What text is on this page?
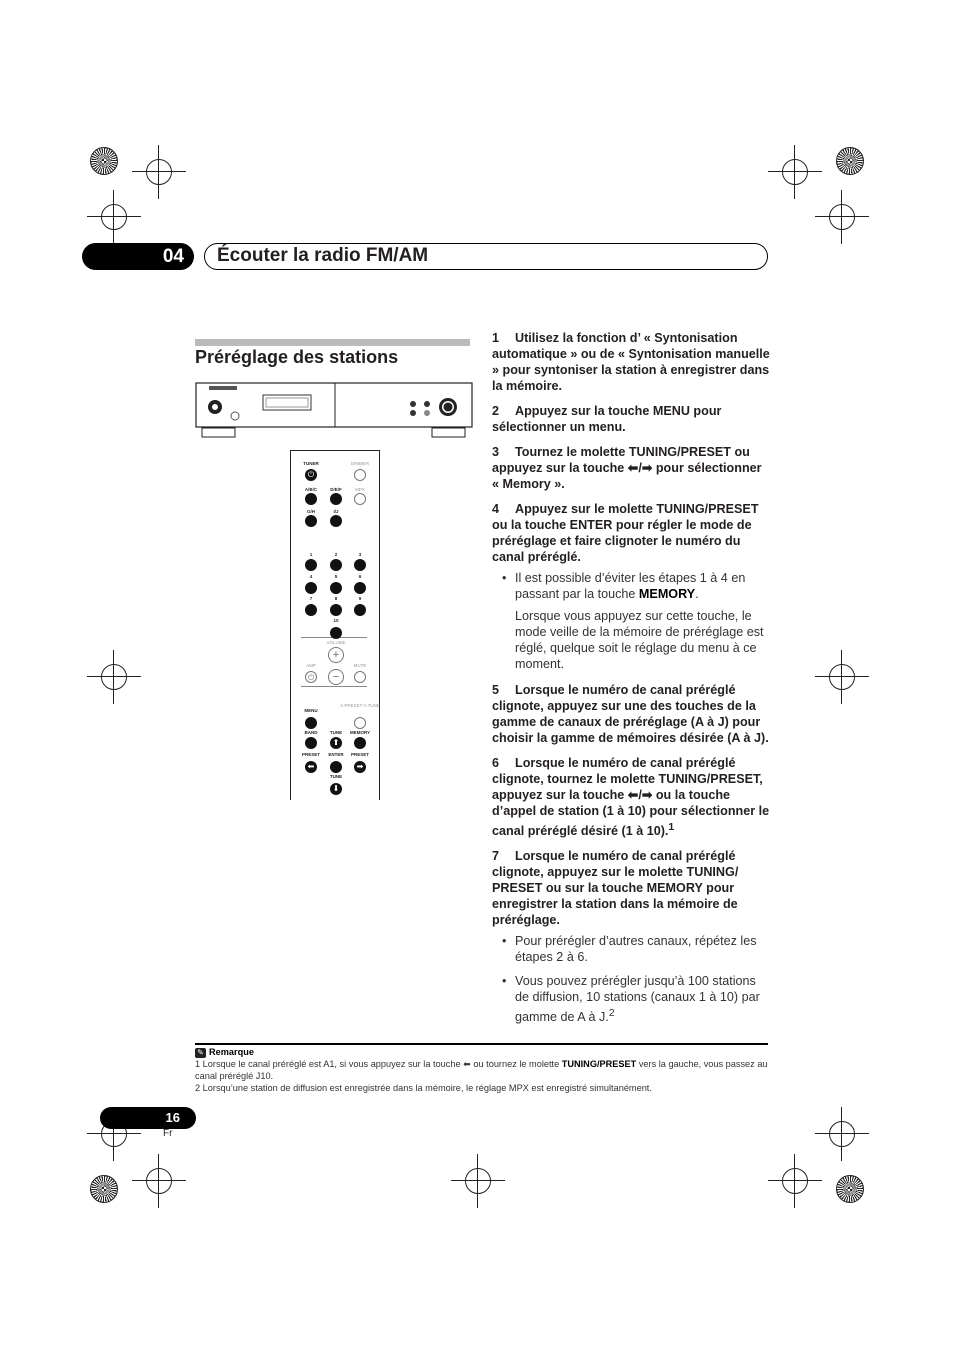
04	Écouter la radio FM/AM
Préréglage des stations
TUNER
⏻
DIMMER
A/B/C	D/E/F	MPX
G/H	I/J
1	2	3
4	5	6
7	8	9
10
VOLUME
AMP
⏻
MUTE
MENU
A.PRESET A.TUNE
BAND	TUNE
⬆
MEMORY
PRESET
⬅
ENTER PRESET
➡
TUNE
⬇
+
−
1 Utilisez la fonction d’ « Syntonisation automatique » ou de « Syntonisation manuelle » pour syntoniser la station à enregistrer dans la mémoire.
2 Appuyez sur la touche MENU pour sélectionner un menu.
3 Tournez le molette TUNING/PRESET ou appuyez sur la touche ⬅/➡ pour sélectionner « Memory ».
4 Appuyez sur le molette TUNING/PRESET ou la touche ENTER pour régler le mode de préréglage et faire clignoter le numéro du canal préréglé.
• Il est possible d’éviter les étapes 1 à 4 en passant par la touche MEMORY.
Lorsque vous appuyez sur cette touche, le mode veille de la mémoire de préréglage est réglé, quelque soit le réglage du menu à ce moment.
5 Lorsque le numéro de canal préréglé clignote, appuyez sur une des touches de la gamme de canaux de préréglage (A à J) pour choisir la gamme de mémoires désirée (A à J).
6 Lorsque le numéro de canal préréglé clignote, tournez le molette TUNING/PRESET, appuyez sur la touche ⬅/➡ ou la touche d’appel de station (1 à 10) pour sélectionner le canal préréglé désiré (1 à 10).$^1$
7 Lorsque le numéro de canal préréglé clignote, appuyez sur le molette TUNING/ PRESET ou sur la touche MEMORY pour enregistrer la station dans la mémoire de préréglage.
• Pour prérégler d’autres canaux, répétez les étapes 2 à 6.
• Vous pouvez prérégler jusqu’à 100 stations de diffusion, 10 stations (canaux 1 à 10) par gamme de A à J.$^2$
✎ Remarque
1 Lorsque le canal préréglé est A1, si vous appuyez sur la touche ⬅ ou tournez le molette TUNING/PRESET vers la gauche, vous passez au canal préréglé J10.
2 Lorsqu’une station de diffusion est enregistrée dans la mémoire, le réglage MPX est enregistré simultanément.
16
Fr
